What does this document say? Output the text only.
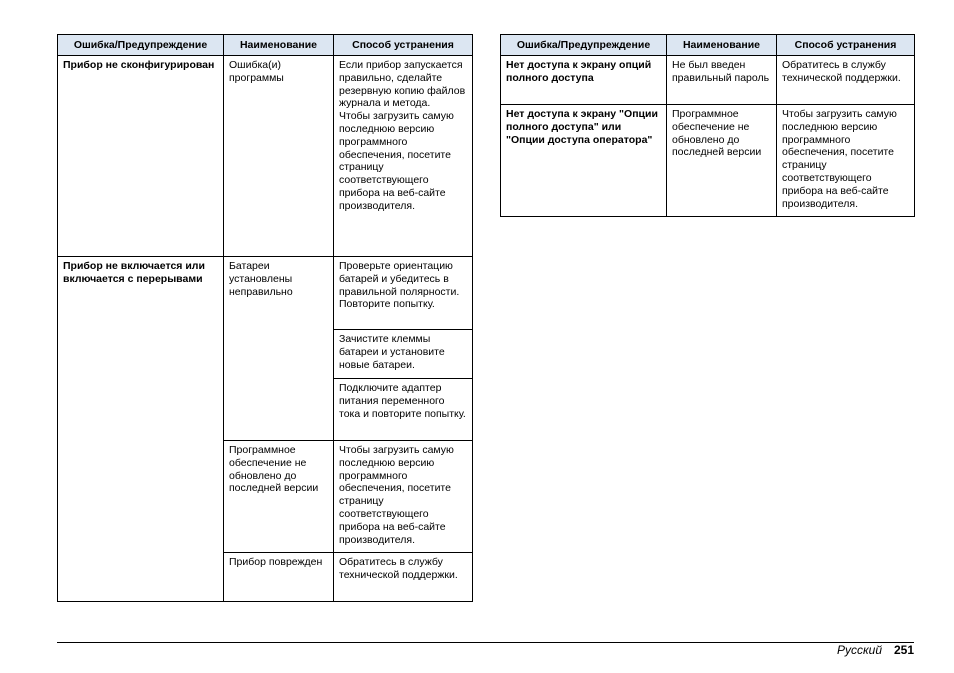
Ошибка/Предупреждение	Наименование	Способ устранения
Прибор не сконфигурирован	Ошибка(и) программы	Если прибор запускается правильно, сделайте резервную копию файлов журнала и метода.
Чтобы загрузить самую последнюю версию программного обеспечения, посетите страницу соответствующего прибора на веб-сайте производителя.
Прибор не включается или включается с перерывами	Батареи установлены неправильно	Проверьте ориентацию батарей и убедитесь в правильной полярности. Повторите попытку.
		Зачистите клеммы батареи и установите новые батареи.
		Подключите адаптер питания переменного тока и повторите попытку.
	Программное обеспечение не обновлено до последней версии	Чтобы загрузить самую последнюю версию программного обеспечения, посетите страницу соответствующего прибора на веб-сайте производителя.
	Прибор поврежден	Обратитесь в службу технической поддержки.
Ошибка/Предупреждение	Наименование	Способ устранения
Нет доступа к экрану опций полного доступа	Не был введен правильный пароль	Обратитесь в службу технической поддержки.
Нет доступа к экрану "Опции полного доступа" или "Опции доступа оператора"	Программное обеспечение не обновлено до последней версии	Чтобы загрузить самую последнюю версию программного обеспечения, посетите страницу соответствующего прибора на веб-сайте производителя.
Русский 251
